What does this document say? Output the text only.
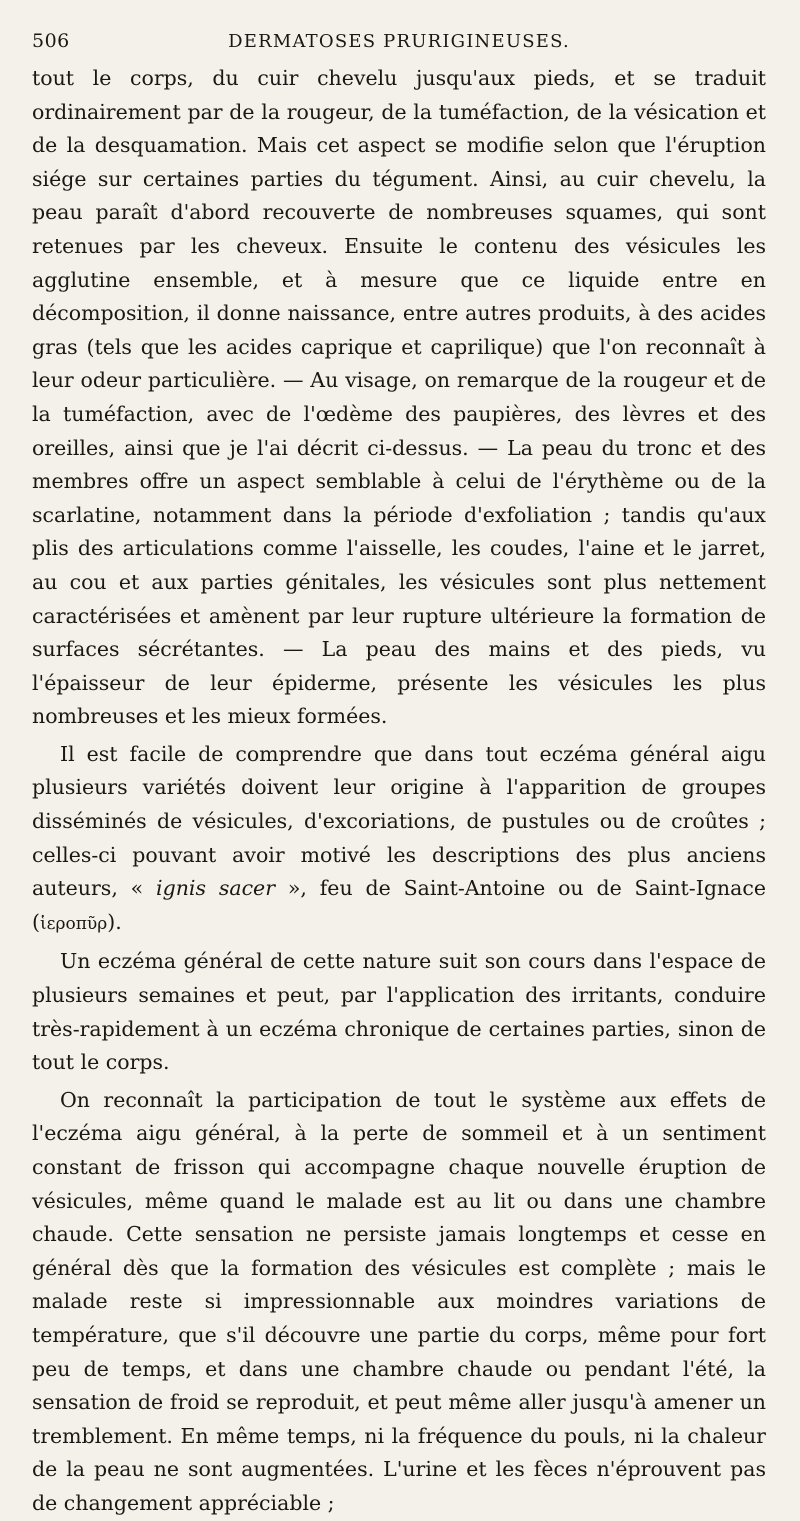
506	DERMATOSES PRURIGINEUSES.

tout le corps, du cuir chevelu jusqu'aux pieds, et se traduit ordinairement par de la rougeur, de la tuméfaction, de la vésication et de la desquamation. Mais cet aspect se modifie selon que l'éruption siége sur certaines parties du tégument. Ainsi, au cuir chevelu, la peau paraît d'abord recouverte de nombreuses squames, qui sont retenues par les cheveux. Ensuite le contenu des vésicules les agglutine ensemble, et à mesure que ce liquide entre en décomposition, il donne naissance, entre autres produits, à des acides gras (tels que les acides caprique et caprilique) que l'on reconnaît à leur odeur particulière. — Au visage, on remarque de la rougeur et de la tuméfaction, avec de l'œdème des paupières, des lèvres et des oreilles, ainsi que je l'ai décrit ci-dessus. — La peau du tronc et des membres offre un aspect semblable à celui de l'érythème ou de la scarlatine, notamment dans la période d'exfoliation ; tandis qu'aux plis des articulations comme l'aisselle, les coudes, l'aine et le jarret, au cou et aux parties génitales, les vésicules sont plus nettement caractérisées et amènent par leur rupture ultérieure la formation de surfaces sécrétantes. — La peau des mains et des pieds, vu l'épaisseur de leur épiderme, présente les vésicules les plus nombreuses et les mieux formées.

Il est facile de comprendre que dans tout eczéma général aigu plusieurs variétés doivent leur origine à l'apparition de groupes disséminés de vésicules, d'excoriations, de pustules ou de croûtes ; celles-ci pouvant avoir motivé les descriptions des plus anciens auteurs, « ignis sacer », feu de Saint-Antoine ou de Saint-Ignace (ἱεροπῦρ).

Un eczéma général de cette nature suit son cours dans l'espace de plusieurs semaines et peut, par l'application des irritants, conduire très-rapidement à un eczéma chronique de certaines parties, sinon de tout le corps.

On reconnaît la participation de tout le système aux effets de l'eczéma aigu général, à la perte de sommeil et à un sentiment constant de frisson qui accompagne chaque nouvelle éruption de vésicules, même quand le malade est au lit ou dans une chambre chaude. Cette sensation ne persiste jamais longtemps et cesse en général dès que la formation des vésicules est complète ; mais le malade reste si impressionnable aux moindres variations de température, que s'il découvre une partie du corps, même pour fort peu de temps, et dans une chambre chaude ou pendant l'été, la sensation de froid se reproduit, et peut même aller jusqu'à amener un tremblement. En même temps, ni la fréquence du pouls, ni la chaleur de la peau ne sont augmentées. L'urine et les fèces n'éprouvent pas de changement appréciable ;
